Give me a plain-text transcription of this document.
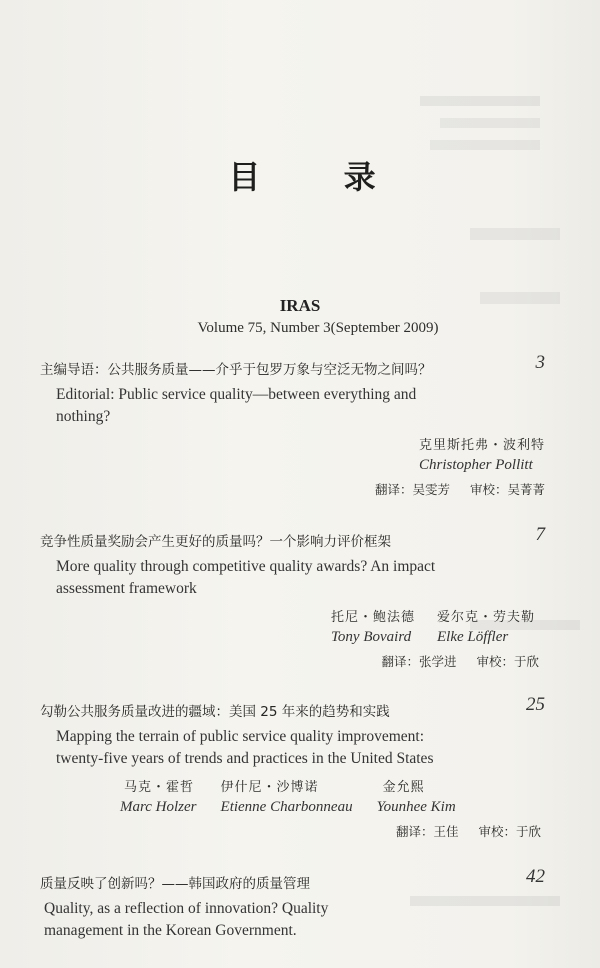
目 录
IRAS
Volume 75, Number 3(September 2009)
主编导语：公共服务质量——介乎于包罗万象与空泛无物之间吗？	3
Editorial: Public service quality—between everything and
nothing?
克里斯托弗・波利特
Christopher Pollitt
翻译：吴雯芳 审校：吴菁菁
竞争性质量奖励会产生更好的质量吗？一个影响力评价框架	7
More quality through competitive quality awards? An impact
assessment framework
托尼・鲍法德
Tony Bovaird
爱尔克・劳夫勒
Elke Löffler
翻译：张学进 审校：于欣
勾勒公共服务质量改进的疆域：美国 25 年来的趋势和实践	25
Mapping the terrain of public service quality improvement:
twenty-five years of trends and practices in the United States
马克・霍哲
Marc Holzer
伊什尼・沙博诺
Etienne Charbonneau
金允熙
Younhee Kim
翻译：王佳 审校：于欣
质量反映了创新吗？——韩国政府的质量管理	42
Quality, as a reflection of innovation? Quality
management in the Korean Government.
